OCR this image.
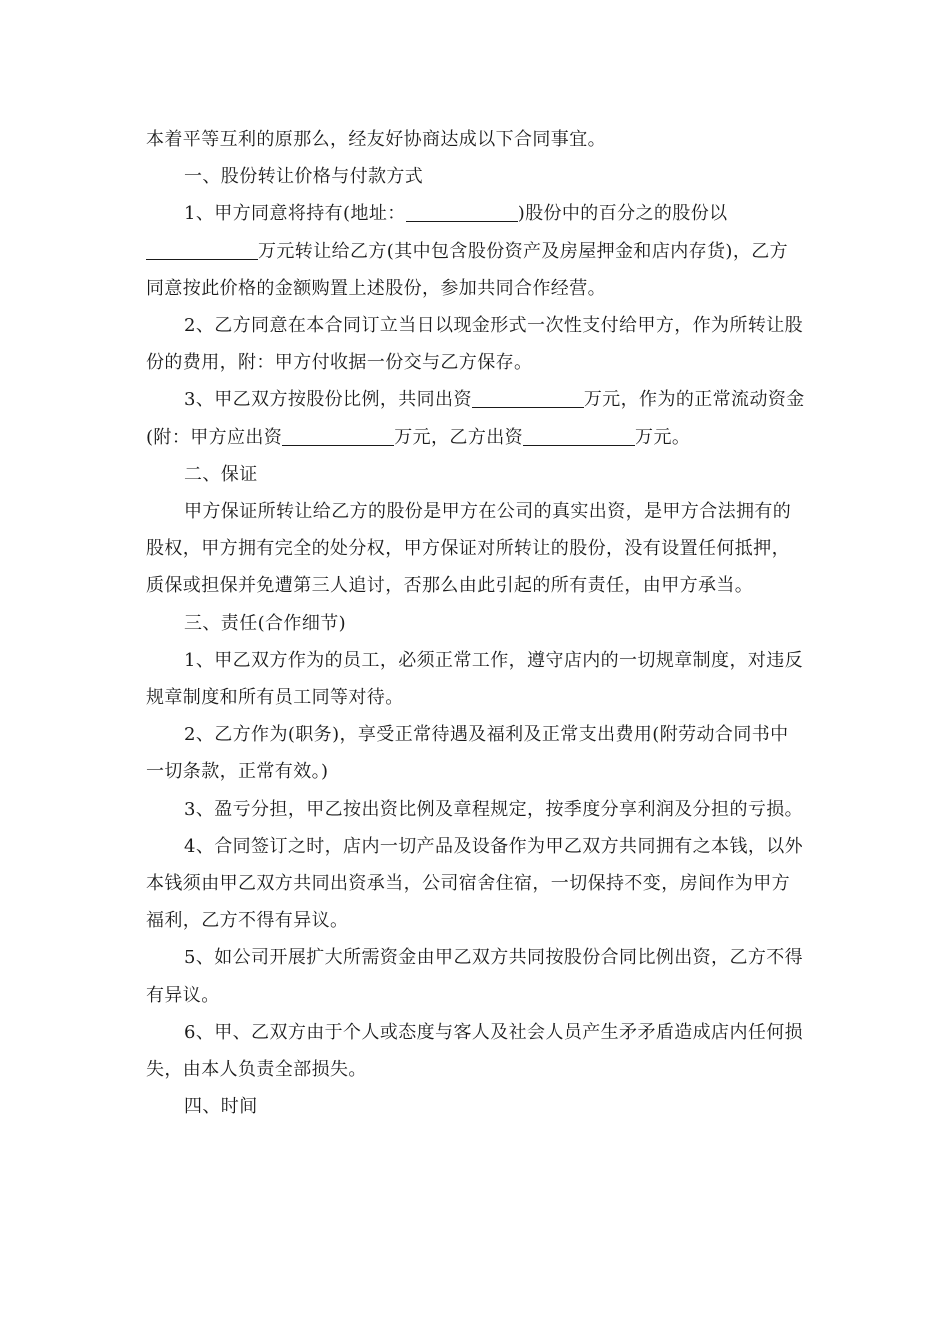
本着平等互利的原那么，经友好协商达成以下合同事宜。

一、股份转让价格与付款方式

1、甲方同意将持有(地址：	)股份中的百分之的股份以万元转让给乙方(其中包含股份资产及房屋押金和店内存货)，乙方同意按此价格的金额购置上述股份，参加共同合作经营。

2、乙方同意在本合同订立当日以现金形式一次性支付给甲方，作为所转让股份的费用，附：甲方付收据一份交与乙方保存。

3、甲乙双方按股份比例，共同出资	万元，作为的正常流动资金(附：甲方应出资	万元，乙方出资	万元。

二、保证

甲方保证所转让给乙方的股份是甲方在公司的真实出资，是甲方合法拥有的股权，甲方拥有完全的处分权，甲方保证对所转让的股份，没有设置任何抵押，质保或担保并免遭第三人追讨，否那么由此引起的所有责任，由甲方承当。

三、责任(合作细节)

1、甲乙双方作为的员工，必须正常工作，遵守店内的一切规章制度，对违反规章制度和所有员工同等对待。

2、乙方作为(职务)，享受正常待遇及福利及正常支出费用(附劳动合同书中一切条款，正常有效。)

3、盈亏分担，甲乙按出资比例及章程规定，按季度分享利润及分担的亏损。

4、合同签订之时，店内一切产品及设备作为甲乙双方共同拥有之本钱，以外本钱须由甲乙双方共同出资承当，公司宿舍住宿，一切保持不变，房间作为甲方福利，乙方不得有异议。

5、如公司开展扩大所需资金由甲乙双方共同按股份合同比例出资，乙方不得有异议。

6、甲、乙双方由于个人或态度与客人及社会人员产生矛矛盾造成店内任何损失，由本人负责全部损失。

四、时间
